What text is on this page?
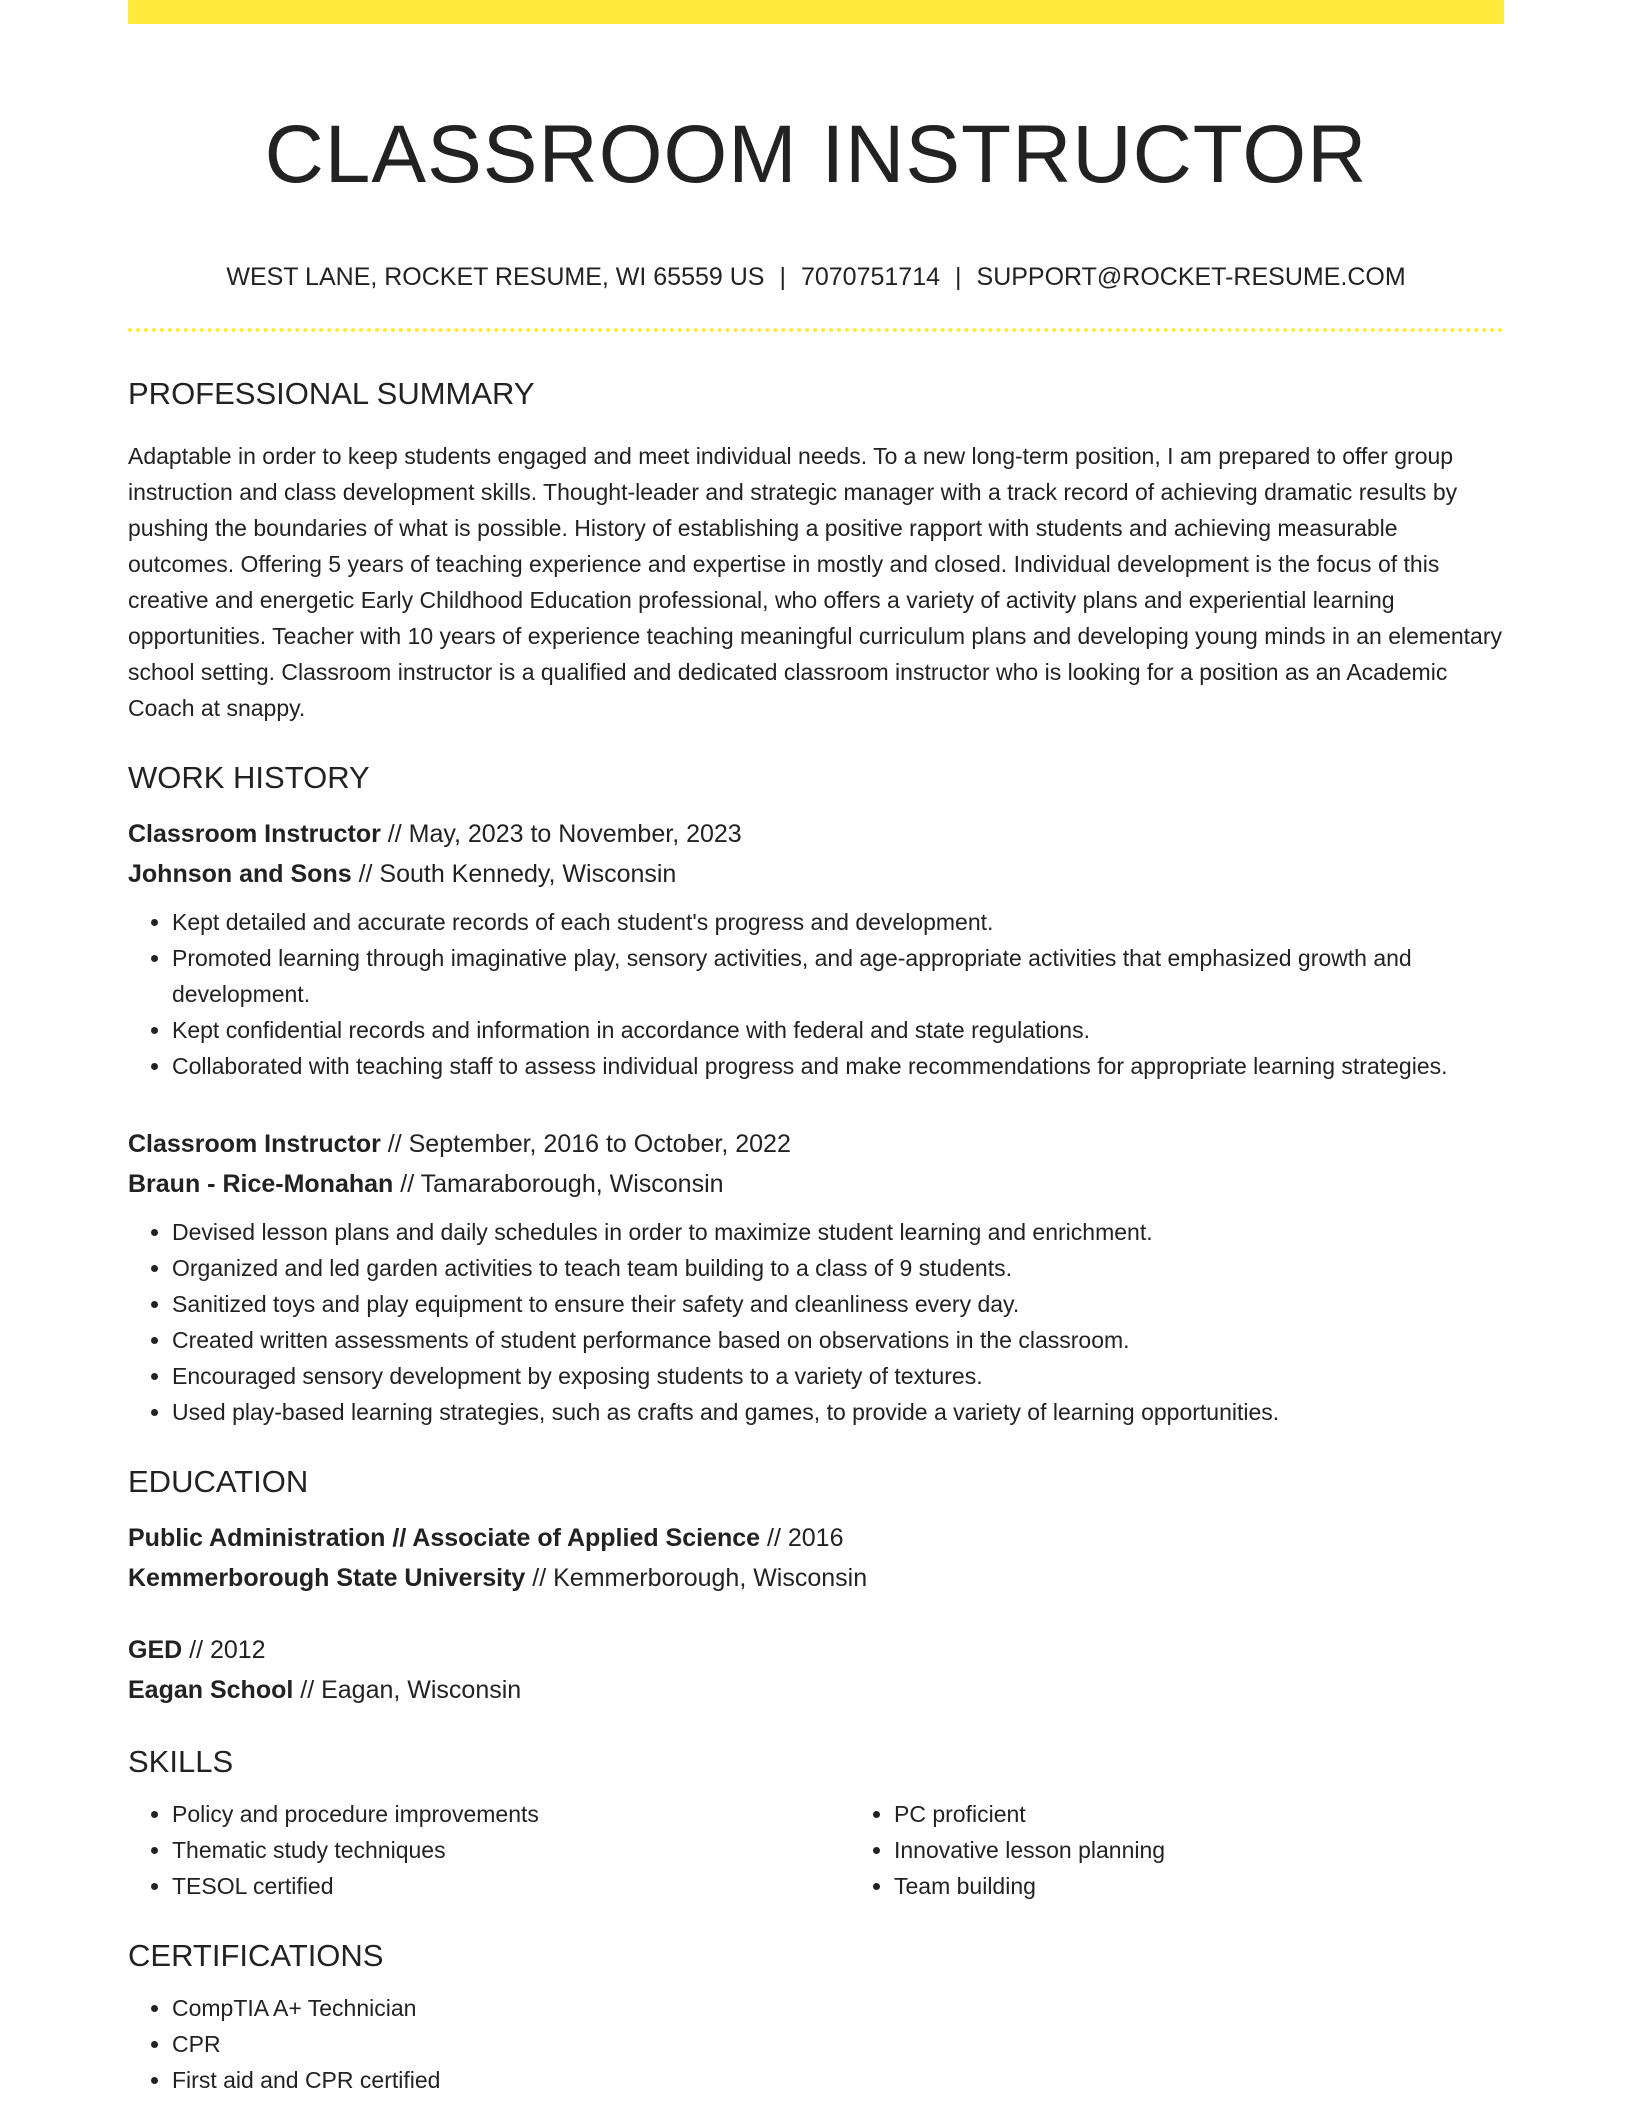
CLASSROOM INSTRUCTOR
WEST LANE, ROCKET RESUME, WI 65559 US | 7070751714 | SUPPORT@ROCKET-RESUME.COM
PROFESSIONAL SUMMARY
Adaptable in order to keep students engaged and meet individual needs. To a new long-term position, I am prepared to offer group instruction and class development skills. Thought-leader and strategic manager with a track record of achieving dramatic results by pushing the boundaries of what is possible. History of establishing a positive rapport with students and achieving measurable outcomes. Offering 5 years of teaching experience and expertise in mostly and closed. Individual development is the focus of this creative and energetic Early Childhood Education professional, who offers a variety of activity plans and experiential learning opportunities. Teacher with 10 years of experience teaching meaningful curriculum plans and developing young minds in an elementary school setting. Classroom instructor is a qualified and dedicated classroom instructor who is looking for a position as an Academic Coach at snappy.
WORK HISTORY
Classroom Instructor // May, 2023 to November, 2023
Johnson and Sons // South Kennedy, Wisconsin
• Kept detailed and accurate records of each student's progress and development.
• Promoted learning through imaginative play, sensory activities, and age-appropriate activities that emphasized growth and development.
• Kept confidential records and information in accordance with federal and state regulations.
• Collaborated with teaching staff to assess individual progress and make recommendations for appropriate learning strategies.
Classroom Instructor // September, 2016 to October, 2022
Braun - Rice-Monahan // Tamaraborough, Wisconsin
• Devised lesson plans and daily schedules in order to maximize student learning and enrichment.
• Organized and led garden activities to teach team building to a class of 9 students.
• Sanitized toys and play equipment to ensure their safety and cleanliness every day.
• Created written assessments of student performance based on observations in the classroom.
• Encouraged sensory development by exposing students to a variety of textures.
• Used play-based learning strategies, such as crafts and games, to provide a variety of learning opportunities.
EDUCATION
Public Administration // Associate of Applied Science // 2016
Kemmerborough State University // Kemmerborough, Wisconsin
GED // 2012
Eagan School // Eagan, Wisconsin
SKILLS
• Policy and procedure improvements
• Thematic study techniques
• TESOL certified
• PC proficient
• Innovative lesson planning
• Team building
CERTIFICATIONS
• CompTIA A+ Technician
• CPR
• First aid and CPR certified
